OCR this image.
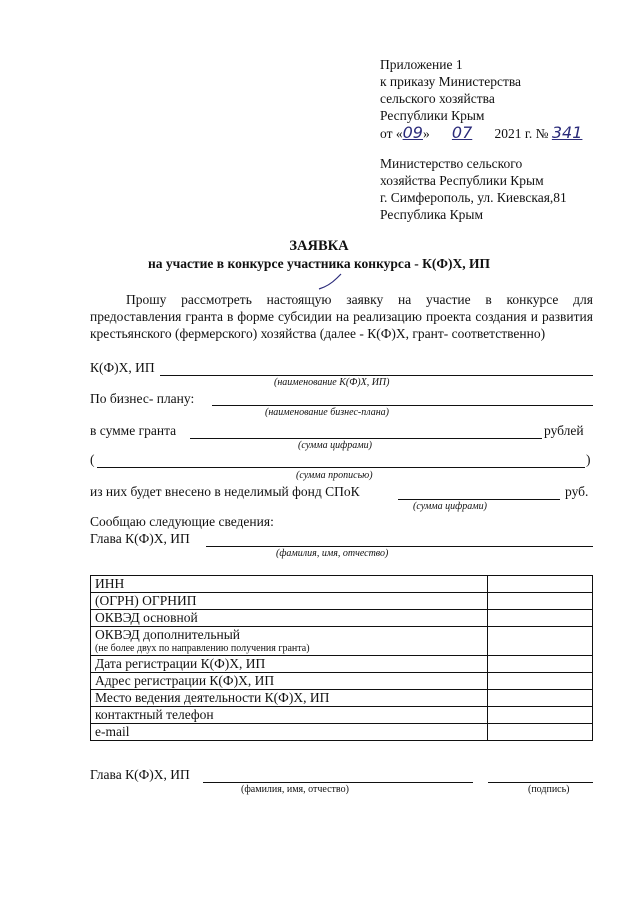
Приложение 1
к приказу Министерства
сельского хозяйства
Республики Крым
от «09» 07 2021 г. № 341
Министерство сельского
хозяйства Республики Крым
г. Симферополь, ул. Киевская,81
Республика Крым
ЗАЯВКА
на участие в конкурсе участника конкурса - К(Ф)Х, ИП
Прошу рассмотреть настоящую заявку на участие в конкурсе для предоставления гранта в форме субсидии на реализацию проекта создания и развития крестьянского (фермерского) хозяйства (далее - К(Ф)Х, грант- соответственно)
К(Ф)Х, ИП
(наименование К(Ф)Х, ИП)
По бизнес- плану:
(наименование бизнес-плана)
в сумме гранта	рублей
(сумма цифрами)
(	)
(сумма прописью)
из них будет внесено в неделимый фонд СПоК	руб.
(сумма цифрами)
Сообщаю следующие сведения:
Глава К(Ф)Х, ИП
(фамилия, имя, отчество)
ИНН	
(ОГРН) ОГРНИП	
ОКВЭД основной	
ОКВЭД дополнительный
(не более двух по направлению получения гранта)	

Дата регистрации К(Ф)Х, ИП	
Адрес регистрации К(Ф)Х, ИП	
Место ведения деятельности К(Ф)Х, ИП	
контактный телефон	
e-mail	
Глава К(Ф)Х, ИП
(фамилия, имя, отчество)	(подпись)
